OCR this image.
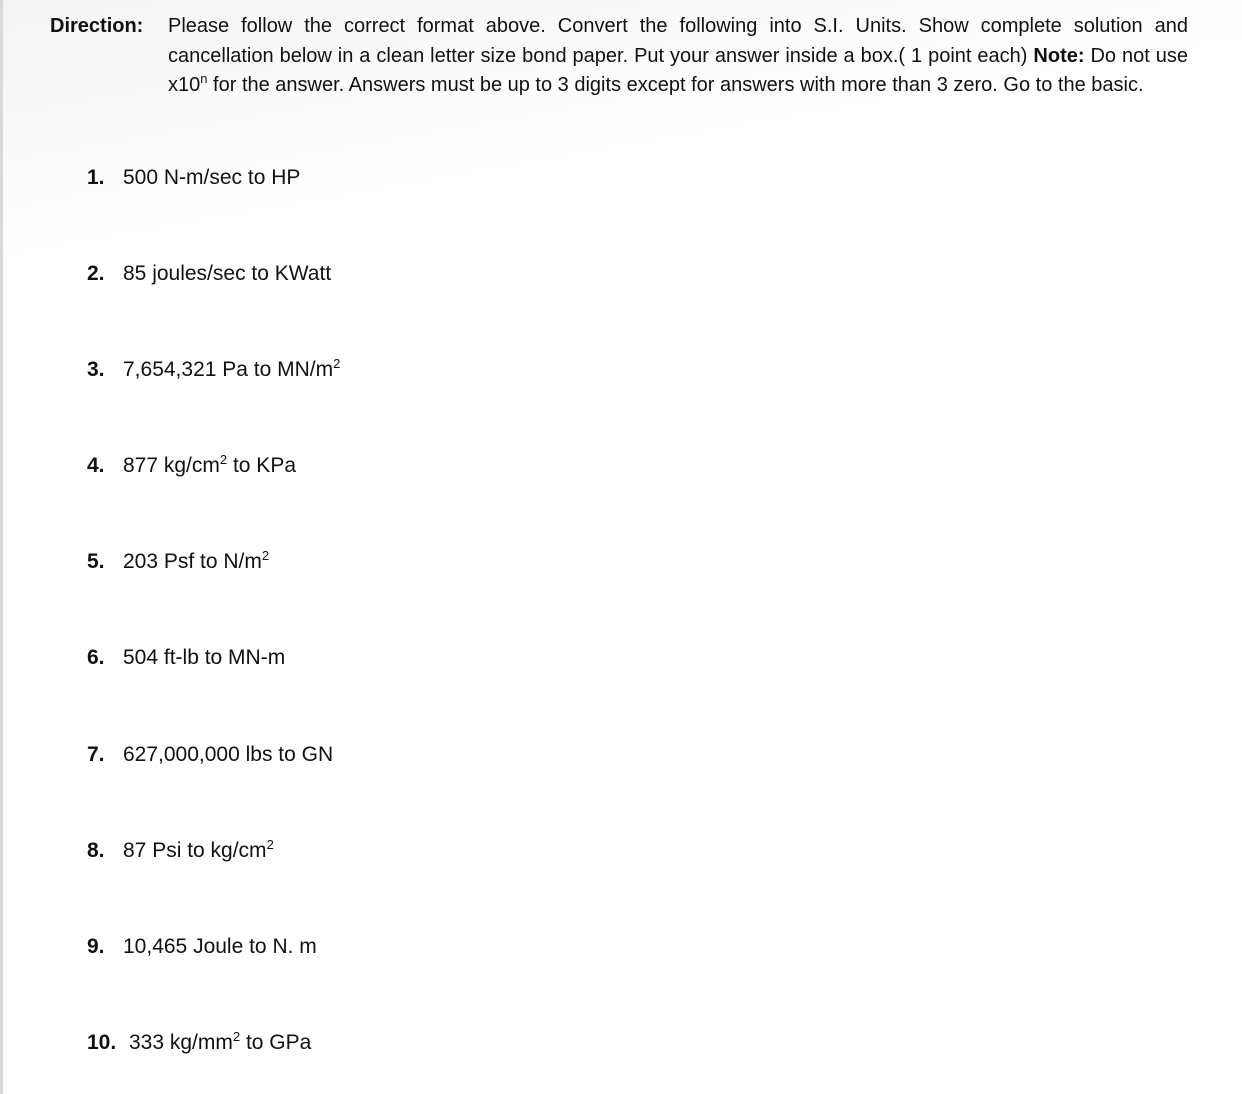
Direction: Please follow the correct format above. Convert the following into S.I. Units. Show complete solution and cancellation below in a clean letter size bond paper. Put your answer inside a box.( 1 point each) Note: Do not use x10$^n$ for the answer. Answers must be up to 3 digits except for answers with more than 3 zero. Go to the basic.
1. 500 N-m/sec to HP
2. 85 joules/sec to KWatt
3. 7,654,321 Pa to $MN/m^2$
4. 877 $kg/cm^2$ to KPa
5. 203 Psf to $N/m^2$
6. 504 ft-lb to MN-m
7. 627,000,000 lbs to GN
8. 87 Psi to $kg/cm^2$
9. 10,465 Joule to N. m
10. 333 $kg/mm^2$ to GPa
